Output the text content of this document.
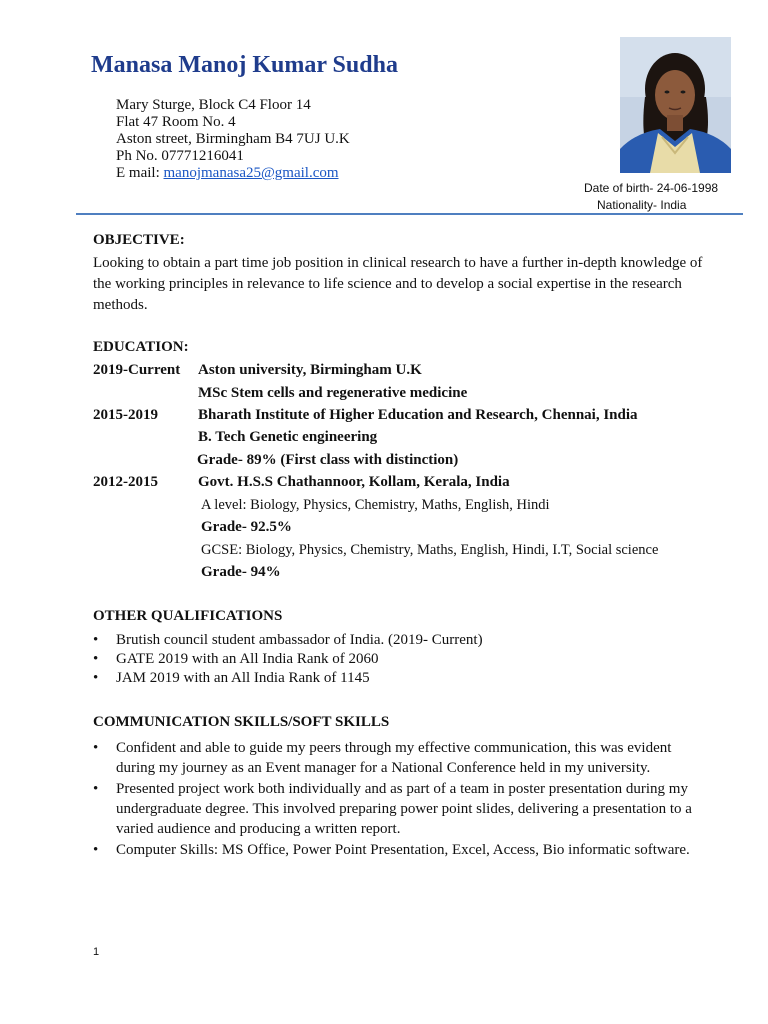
Manasa Manoj Kumar Sudha
Mary Sturge, Block C4 Floor 14
Flat 47 Room No. 4
Aston street, Birmingham B4 7UJ U.K
Ph No. 07771216041
E mail: manojmanasa25@gmail.com
Date of birth- 24-06-1998
Nationality- India
OBJECTIVE:
Looking to obtain a part time job position in clinical research to have a further in-depth knowledge of the working principles in relevance to life science and to develop a social expertise in the research methods.
EDUCATION:
2019-Current Aston university, Birmingham U.K
MSc Stem cells and regenerative medicine
2015-2019	Bharath Institute of Higher Education and Research, Chennai, India
B. Tech Genetic engineering
Grade- 89% (First class with distinction)
2012-2015	Govt. H.S.S Chathannoor, Kollam, Kerala, India
A level: Biology, Physics, Chemistry, Maths, English, Hindi
Grade- 92.5%
GCSE: Biology, Physics, Chemistry, Maths, English, Hindi, I.T, Social science
Grade- 94%
OTHER QUALIFICATIONS
• Brutish council student ambassador of India. (2019- Current)
• GATE 2019 with an All India Rank of 2060
• JAM 2019 with an All India Rank of 1145
COMMUNICATION SKILLS/SOFT SKILLS
• Confident and able to guide my peers through my effective communication, this was evident during my journey as an Event manager for a National Conference held in my university.
• Presented project work both individually and as part of a team in poster presentation during my undergraduate degree. This involved preparing power point slides, delivering a presentation to a varied audience and producing a written report.
• Computer Skills: MS Office, Power Point Presentation, Excel, Access, Bio informatic software.
1
